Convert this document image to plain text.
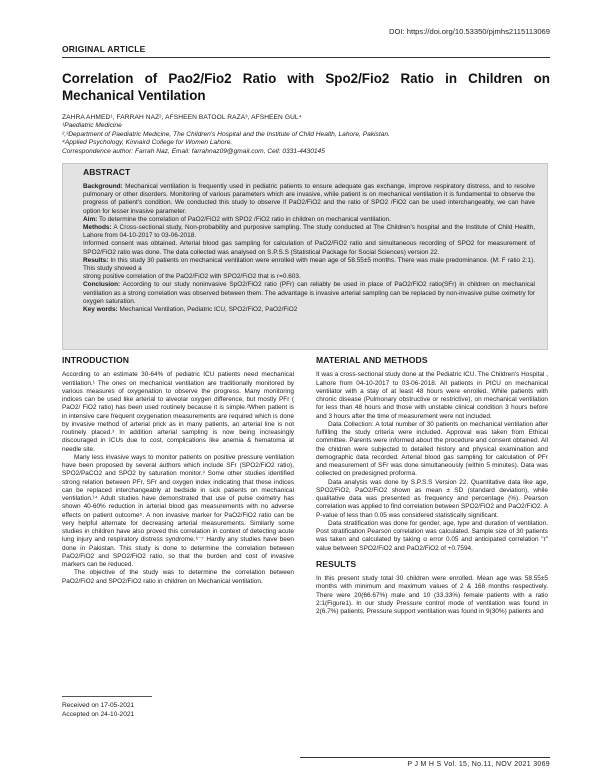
DOI: https://doi.org/10.53350/pjmhs2115113069
ORIGINAL ARTICLE
Correlation of Pao2/Fio2 Ratio with Spo2/Fio2 Ratio in Children on Mechanical Ventilation
ZAHRA AHMED¹, FARRAH NAZ², AFSHEEN BATOOL RAZA³, AFSHEEN GUL⁴
¹Paediatric Medicine
²,³Department of Paediatric Medicine, The Children's Hospital and the Institute of Child Health, Lahore, Pakistan.
⁴Applied Psychology, Kinnaird College for Women Lahore.
Correspondence author: Farrah Naz, Email: farrahnaz09@gmail.com, Cell: 0331-4430145
ABSTRACT

Background: Mechanical ventilation is frequently used in pediatric patients to ensure adequate gas exchange, improve respiratory distress, and to resolve pulmonary or other disorders. Monitoring of various parameters which are invasive, while patient is on mechanical ventilation it is fundamental to observe the progress of patient's condition. We conducted this study to observe if PaO2/FiO2 and the ratio of SPO2 /FiO2 can be used interchangeably, we can have option for lesser invasive parameter.

Aim: To determine the correlation of PaO2/FiO2 with SPO2 /FiO2 ratio in children on mechanical ventilation.

Methods: A Cross-sectional study, Non-probability and purposive sampling. The study conducted at The Children's hospital and the Institute of Child Health, Lahore from 04-10-2017 to 03-06-2018.

Informed consent was obtained. Arterial blood gas sampling for calculation of PaO2/FiO2 ratio and simultaneous recording of SPO2 for measurement of SPO2/FiO2 ratio was done. The data collected was analysed on S.P.S.S (Statistical Package for Social Sciences) version 22.

Results: In this study 30 patients on mechanical ventilation were enrolled with mean age of 58.55±5 months. There was male predominance. (M: F ratio 2:1). This study showed a

strong positive correlation of the PaO2/FiO2 with SPO2/FiO2 that is r=0.603.

Conclusion: According to our study noninvasive SpO2/FiO2 ratio (PFr) can reliably be used in place of PaO2/FiO2 ratio(SFr) in children on mechanical ventilation as a strong correlation was observed between them. The advantage is invasive arterial sampling can be replaced by non-invasive pulse oximetry for oxygen saturation.

Key words: Mechanical Ventilation, Pediatric ICU, SPO2/FiO2, PaO2/FiO2

INTRODUCTION

According to an estimate 30-64% of pediatric ICU patients need mechanical ventilation.¹ The ones on mechanical ventilation are traditionally monitored by various measures of oxygenation to observe the progress. Many monitoring indices can be used like arterial to alveolar oxygen difference, but mostly PFr ( PaO2/ FiO2 ratio) has been used routinely because it is simple.²When patient is in intensive care frequent oxygenation measurements are required which is done by invasive method of arterial prick as in many patients, an arterial line is not routinely placed.³ In addition arterial sampling is now being increasingly discouraged in ICUs due to cost, complications like anemia & hematoma at needle site.

Many less invasive ways to monitor patients on positive pressure ventilation have been proposed by several authors which include SFr (SPO2/FiO2 ratio), SPO2/PaCO2 and SPO2 by saturation monitor.³ Some other studies identified strong relation between PFr, SFr and oxygen index indicating that these indices can be replaced interchangeably at bedside in sick patients on mechanical ventilation.¹⁴ Adult studies have demonstrated that use of pulse oximetry has shown 40-60% reduction in arterial blood gas measurements with no adverse effects on patient outcome⁵. A non invasive marker for PaO2/FiO2 ratio can be very helpful alternate for decreasing arterial measurements. Similarly some studies in children have also proved this correlation in context of detecting acute lung injury and respiratory distress syndrome.⁶⁻⁷ Hardly any studies have been done in Pakistan. This study is done to determine the correlation between PaO2/FiO2 and SPO2/FiO2 ratio, so that the burden and cost of invasive markers can be reduced.

The objective of the study was to determine the correlation between PaO2/FiO2 and SPO2/FiO2 ratio in children on Mechanical ventilation.

Received on 17-05-2021
Accepted on 24-10-2021
MATERIAL AND METHODS

It was a cross-sectional study done at the Pediatric ICU. The Children's Hospital , Lahore from 04-10-2017 to 03-06-2018. All patients in PICU on mechanical ventilator with a stay of at least 48 hours were enrolled. While patients with chronic disease (Pulmonary obstructive or restrictive), on mechanical ventilation for less than 48 hours and those with unstable clinical condition 3 hours before and 3 hours after the time of measurement were not included.

Data Collection: A total number of 30 patients on mechanical ventilation after fulfilling the study criteria were included. Approval was taken from Ethical committee. Parents were informed about the procedure and consent obtained. All the children were subjected to detailed history and physical examination and demographic data recorded. Arterial blood gas sampling for calculation of PFr and measurement of SFr was done simultaneously (within 5 minutes). Data was collected on predesigned proforma.

Data analysis was done by S.P.S.S Version 22. Quantitative data like age, SPO2/FiO2, PaO2/FiO2 shown as mean ± SD (standard deviation), while qualitative data was presented as frequency and percentage (%). Pearson correlation was applied to find correlation between SPO2/FiO2 and PaO2/FiO2. A P-value of less than 0.05 was considered statistically significant.

Data stratification was done for gender, age, type and duration of ventilation. Post stratification Pearson correlation was calculated. Sample size of 30 patients was taken and calculated by taking α error 0.05 and anticipated correlation "r" value between SPO2/FiO2 and PaO2/FiO2 of +0.7594.

RESULTS

In this present study total 30 children were enrolled. Mean age was 58.55±5 months with minimum and maximum values of 2 & 168 months respectively. There were 20(66.67%) male and 10 (33.33%) female patients with a ratio 2:1(Figure1). In our study Pressure control mode of ventilation was found in 2(6.7%) patients, Pressure support ventilation was found in 9(30%) patients and

P J M H S Vol. 15, No.11, NOV 2021 3069
